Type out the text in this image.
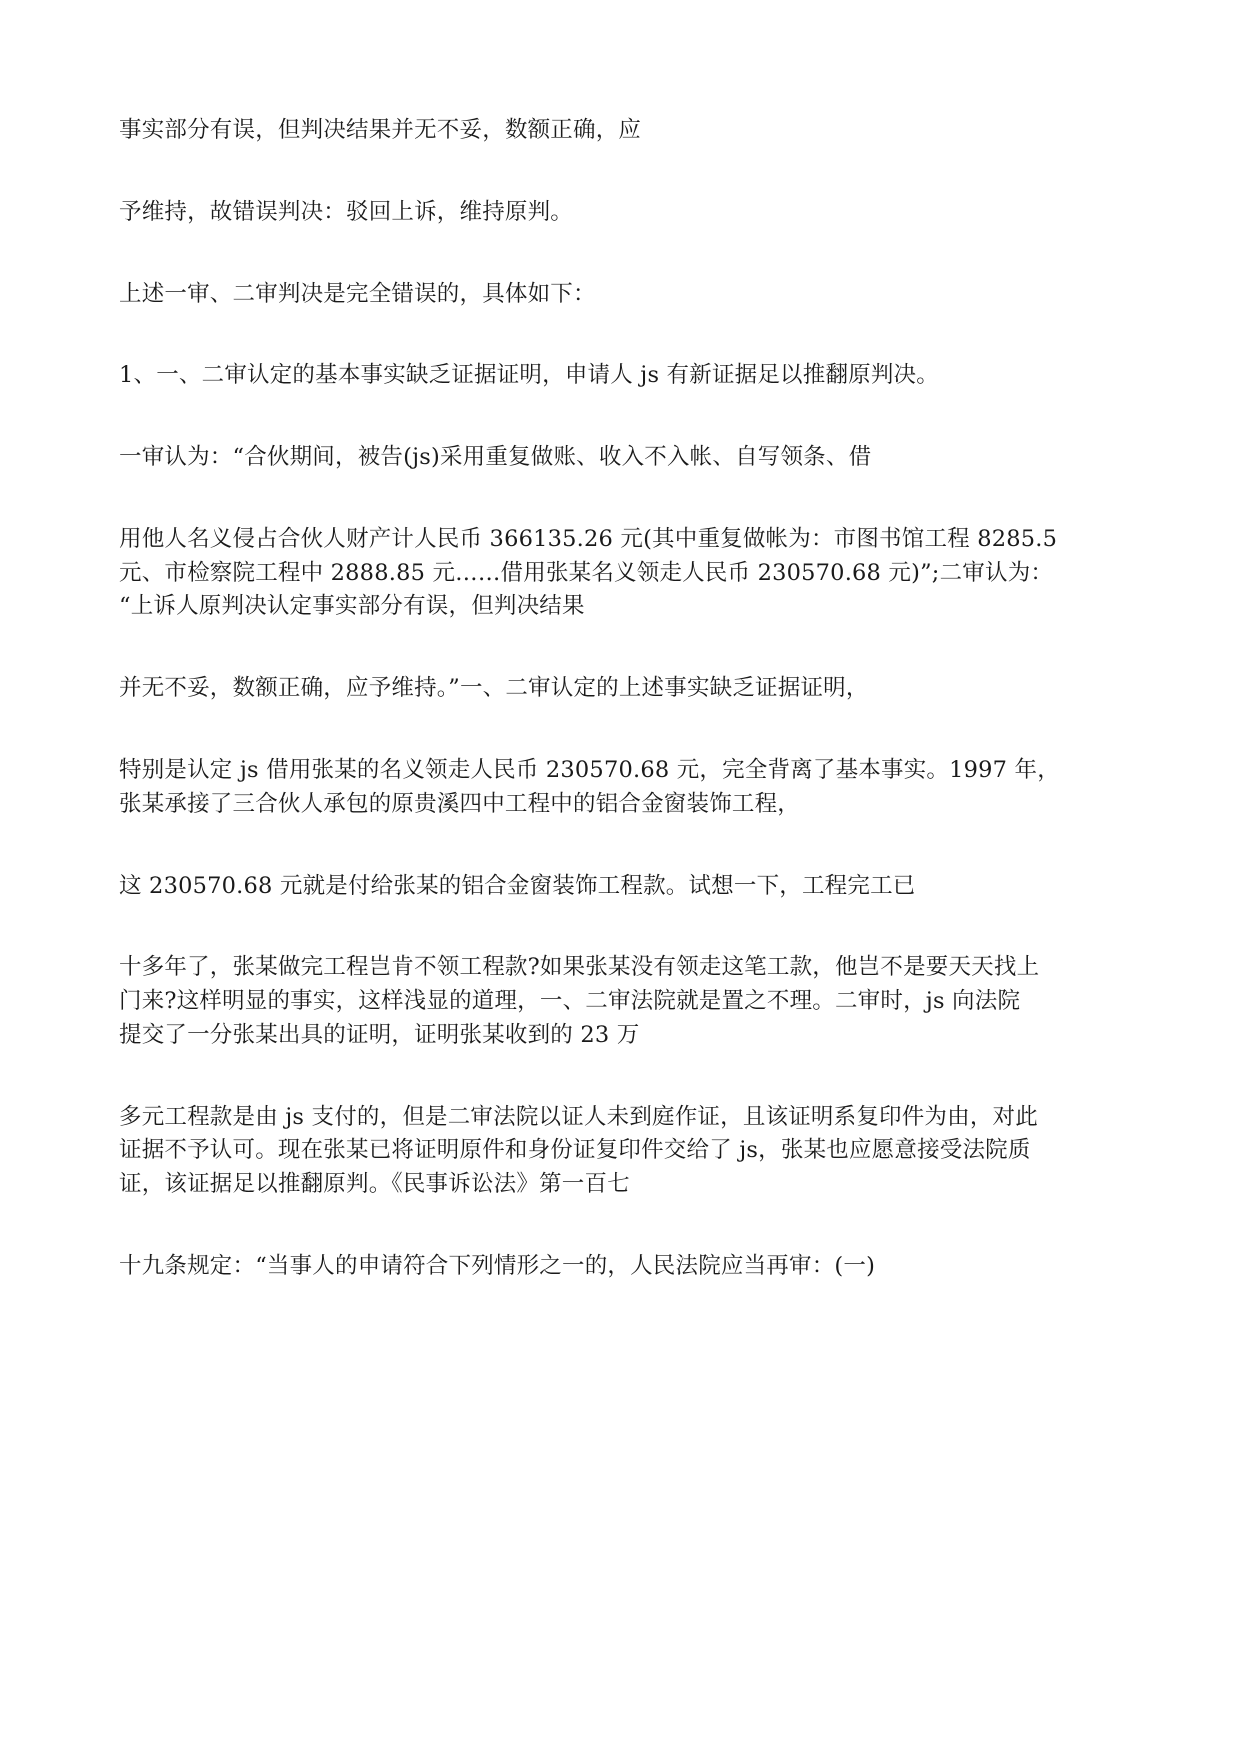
事实部分有误，但判决结果并无不妥，数额正确，应
予维持，故错误判决：驳回上诉，维持原判。
上述一审、二审判决是完全错误的，具体如下：
1、一、二审认定的基本事实缺乏证据证明，申请人 js 有新证据足以推翻原判决。
一审认为：“合伙期间，被告(js)采用重复做账、收入不入帐、自写领条、借
用他人名义侵占合伙人财产计人民币 366135.26 元(其中重复做帐为：市图书馆工程 8285.5
元、市检察院工程中 2888.85 元……借用张某名义领走人民币 230570.68 元)”;二审认为：
“上诉人原判决认定事实部分有误，但判决结果
并无不妥，数额正确，应予维持。”一、二审认定的上述事实缺乏证据证明，
特别是认定 js 借用张某的名义领走人民币 230570.68 元，完全背离了基本事实。1997 年，
张某承接了三合伙人承包的原贵溪四中工程中的铝合金窗装饰工程，
这 230570.68 元就是付给张某的铝合金窗装饰工程款。试想一下，工程完工已
十多年了，张某做完工程岂肯不领工程款?如果张某没有领走这笔工款，他岂不是要天天找上
门来?这样明显的事实，这样浅显的道理，一、二审法院就是置之不理。二审时，js 向法院
提交了一分张某出具的证明，证明张某收到的 23 万
多元工程款是由 js 支付的，但是二审法院以证人未到庭作证，且该证明系复印件为由，对此
证据不予认可。现在张某已将证明原件和身份证复印件交给了 js，张某也应愿意接受法院质
证，该证据足以推翻原判。《民事诉讼法》第一百七
十九条规定：“当事人的申请符合下列情形之一的，人民法院应当再审：(一)
